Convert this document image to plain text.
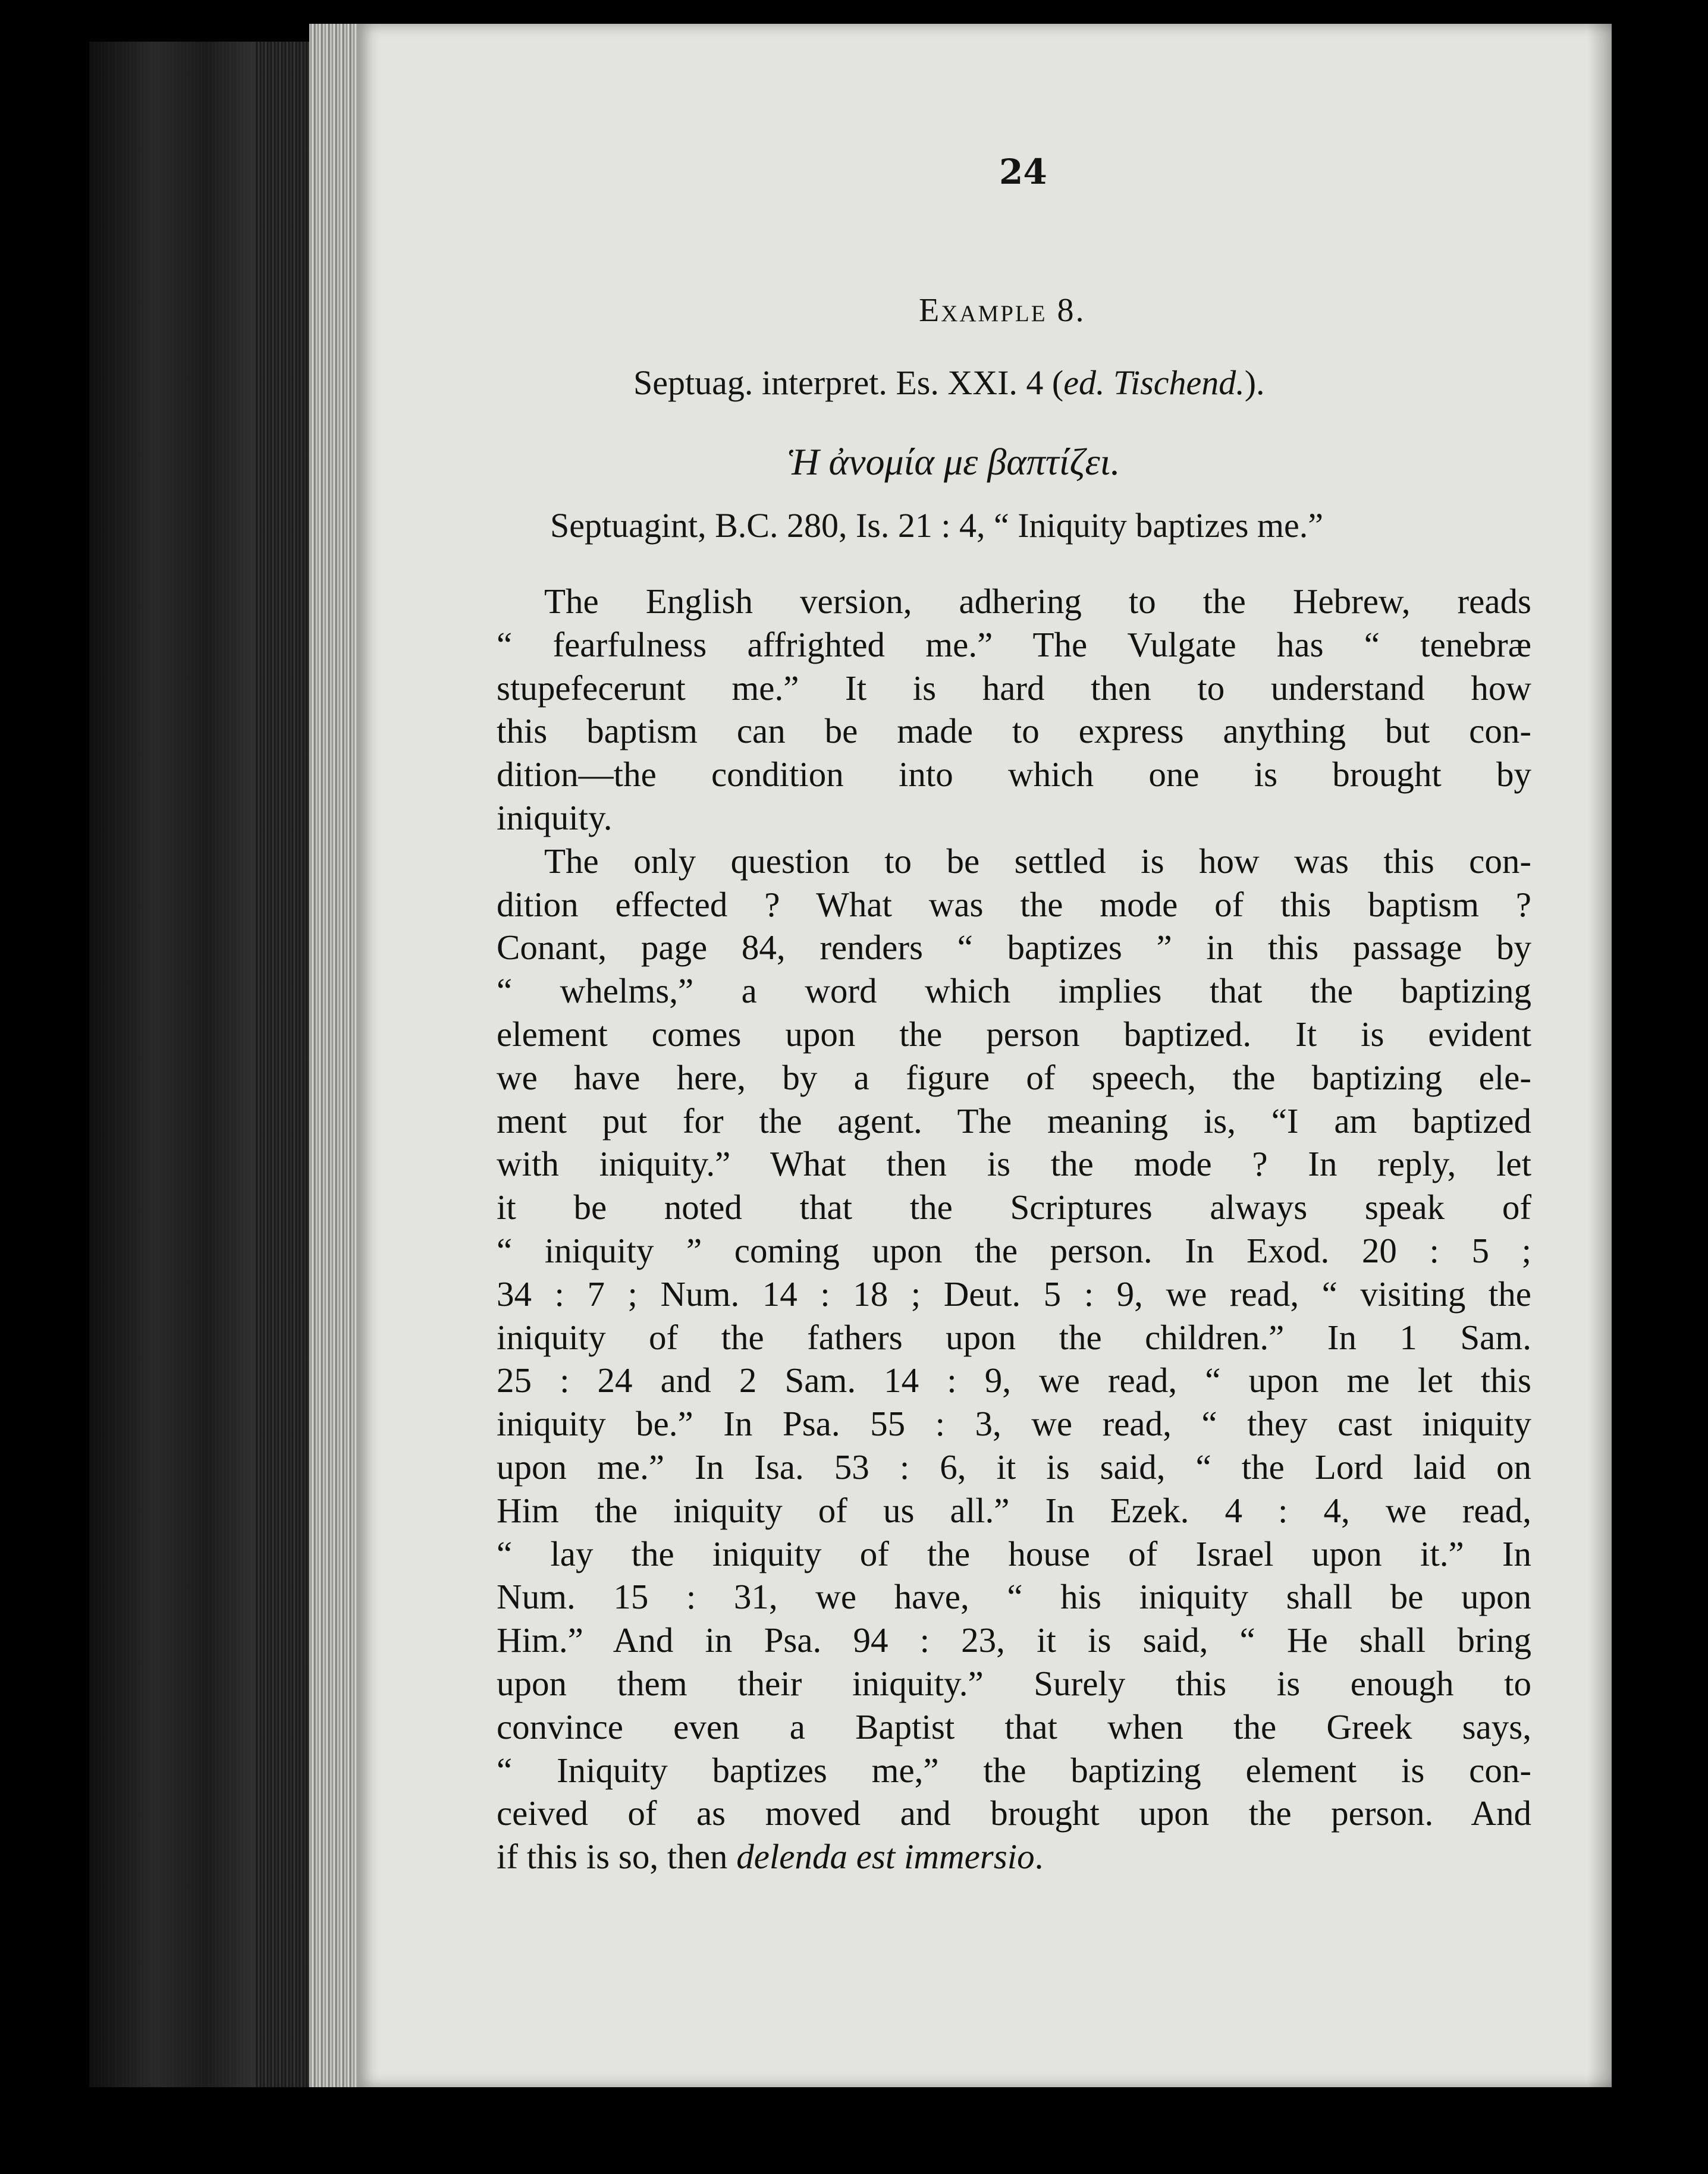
24
Example 8.
Septuag. interpret. Es. XXI. 4 (ed. Tischend.).
Ἡ ἀνομία με βαπτίζει.
Septuagint, B.C. 280, Is. 21 : 4, “ Iniquity baptizes me.”
The English version, adhering to the Hebrew, reads
“ fearfulness affrighted me.” The Vulgate has “ tenebræ
stupefecerunt me.” It is hard then to understand how
this baptism can be made to express anything but con-
dition—the condition into which one is brought by
iniquity.
The only question to be settled is how was this con-
dition effected ? What was the mode of this baptism ?
Conant, page 84, renders “ baptizes ” in this passage by
“ whelms,” a word which implies that the baptizing
element comes upon the person baptized. It is evident
we have here, by a figure of speech, the baptizing ele-
ment put for the agent. The meaning is, “I am baptized
with iniquity.” What then is the mode ? In reply, let
it be noted that the Scriptures always speak of
“ iniquity ” coming upon the person. In Exod. 20 : 5 ;
34 : 7 ; Num. 14 : 18 ; Deut. 5 : 9, we read, “ visiting the
iniquity of the fathers upon the children.” In 1 Sam.
25 : 24 and 2 Sam. 14 : 9, we read, “ upon me let this
iniquity be.” In Psa. 55 : 3, we read, “ they cast iniquity
upon me.” In Isa. 53 : 6, it is said, “ the Lord laid on
Him the iniquity of us all.” In Ezek. 4 : 4, we read,
“ lay the iniquity of the house of Israel upon it.” In
Num. 15 : 31, we have, “ his iniquity shall be upon
Him.” And in Psa. 94 : 23, it is said, “ He shall bring
upon them their iniquity.” Surely this is enough to
convince even a Baptist that when the Greek says,
“ Iniquity baptizes me,” the baptizing element is con-
ceived of as moved and brought upon the person. And
if this is so, then delenda est immersio.
